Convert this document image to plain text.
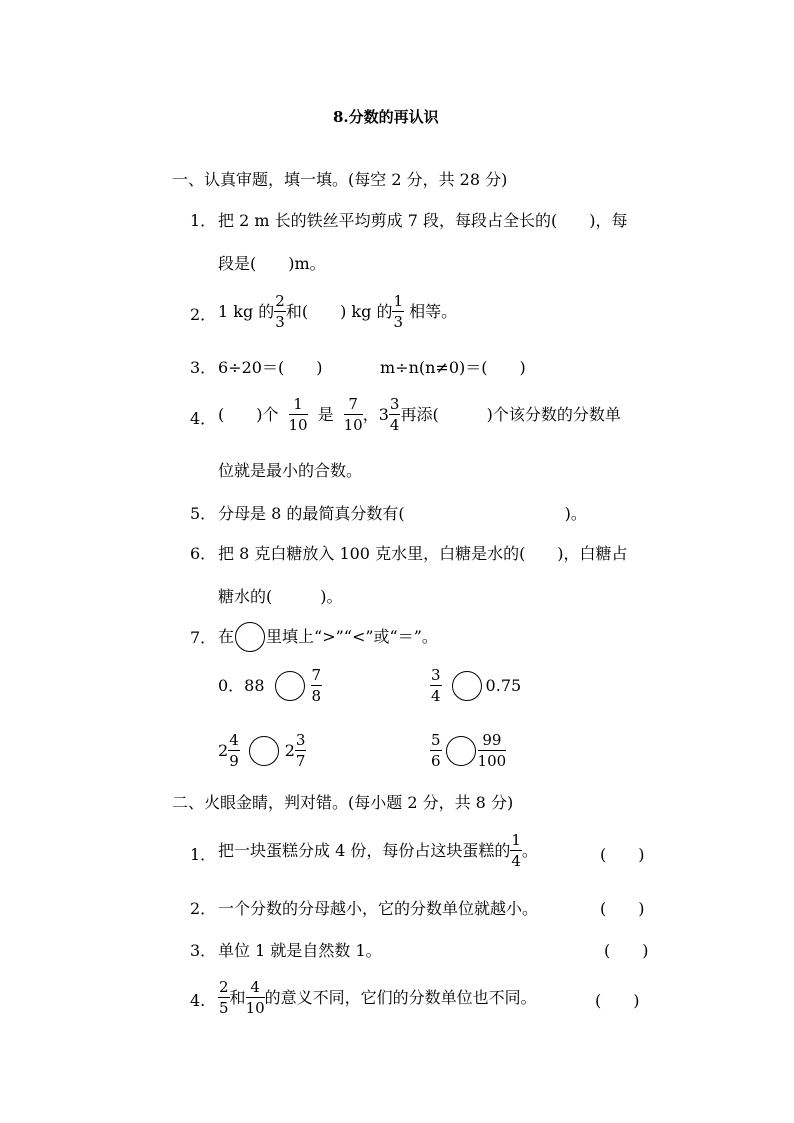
8.分数的再认识
一、认真审题，填一填。(每空 2 分，共 28 分)
1． 把 2 m 长的铁丝平均剪成 7 段，每段占全长的(　　)，每
段是(　　)m。
2． 1 kg 的 $\frac{2}{3}$ 和(　　) kg 的 $\frac{1}{3}$ 相等。
3． 6÷20＝(　　)	m÷n(n≠0)＝(　　)
4． (　　)个 $\frac{1}{10}$ 是 $\frac{7}{10}$ ，$3 \frac{3}{4}$ 再添(　　　)个该分数的分数单
位就是最小的合数。
5． 分母是 8 的最简真分数有(　　　　　　　　　　)。
6． 把 8 克白糖放入 100 克水里，白糖是水的(　　)，白糖占
糖水的(　　　)。
7． 在 里填上“>”“<”或“＝”。
0．88	$\frac{7}{8}$	$\frac{3}{4}$	0.75
$2 \frac{4}{9}$	$2 \frac{3}{7}$	$\frac{5}{6} \frac{99}{100}$
二、火眼金睛，判对错。(每小题 2 分，共 8 分)
1． 把一块蛋糕分成 4 份，每份占这块蛋糕的 $\frac{1}{4}$ 。	(　　)
2． 一个分数的分母越小，它的分数单位就越小。	(　　)
3． 单位 1 就是自然数 1。	(　　)
4. $\frac{2}{5}$ 和 $\frac{4}{10}$ 的意义不同，它们的分数单位也不同。	(　　)
